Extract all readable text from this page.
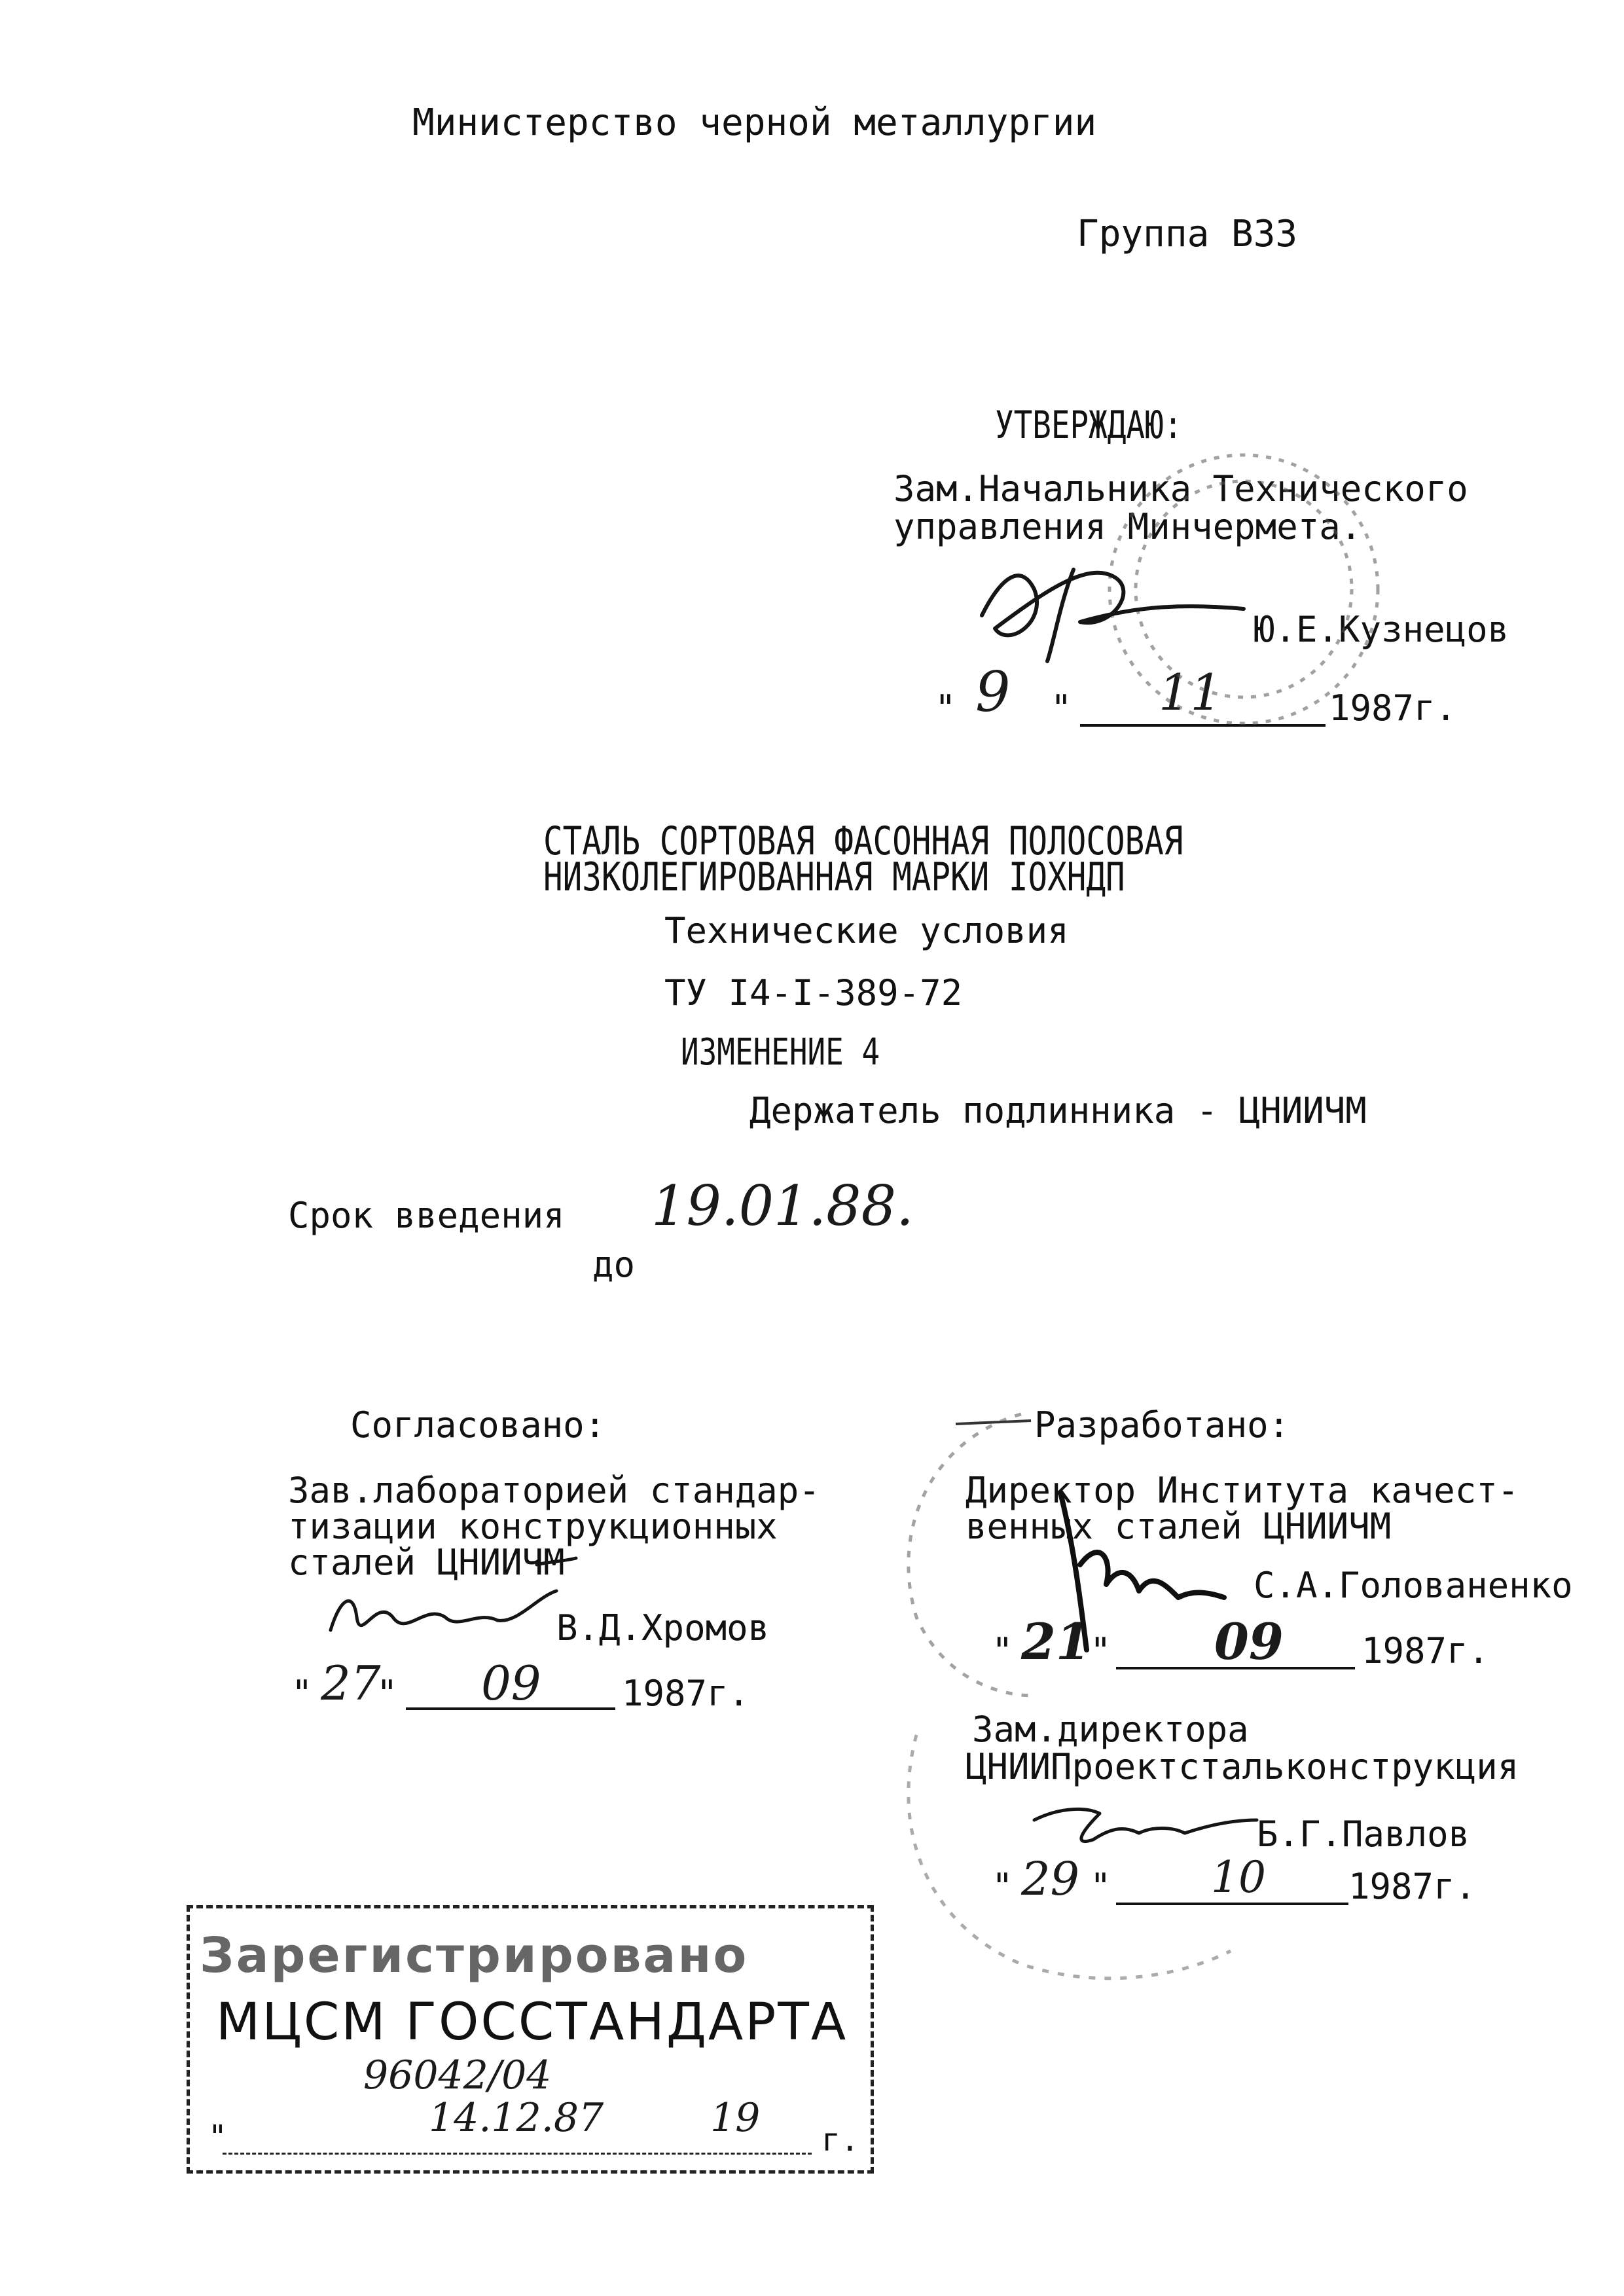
Министерство черной металлургии
Группа В33
УТВЕРЖДАЮ:
Зам.Начальника Технического
управления Минчермета.
Ю.Е.Кузнецов
" 9 " 11	1987г.
СТАЛЬ СОРТОВАЯ ФАСОННАЯ ПОЛОСОВАЯ
НИЗКОЛЕГИРОВАННАЯ МАРКИ IOXНДП
Технические условия
ТУ I4-I-389-72
ИЗМЕНЕНИЕ 4
Держатель подлинника - ЦНИИЧМ
Срок введения 19.01.88.
до
Согласовано:
Зав.лабораторией стандар-
тизации конструкционных
сталей ЦНИИЧМ
В.Д.Хромов
" 27
" 09 1987г.
Разработано:
Директор Института качест-
венных сталей ЦНИИЧМ
С.А.Голованенко
" 21 " 09 1987г.
Зам.директора
ЦНИИПроектстальконструкция
Б.Г.Павлов
" 29 " 10 1987г.
Зарегистрировано
МЦСМ ГОССТАНДАРТА
96042/04
"	14.12.87	19 г.
